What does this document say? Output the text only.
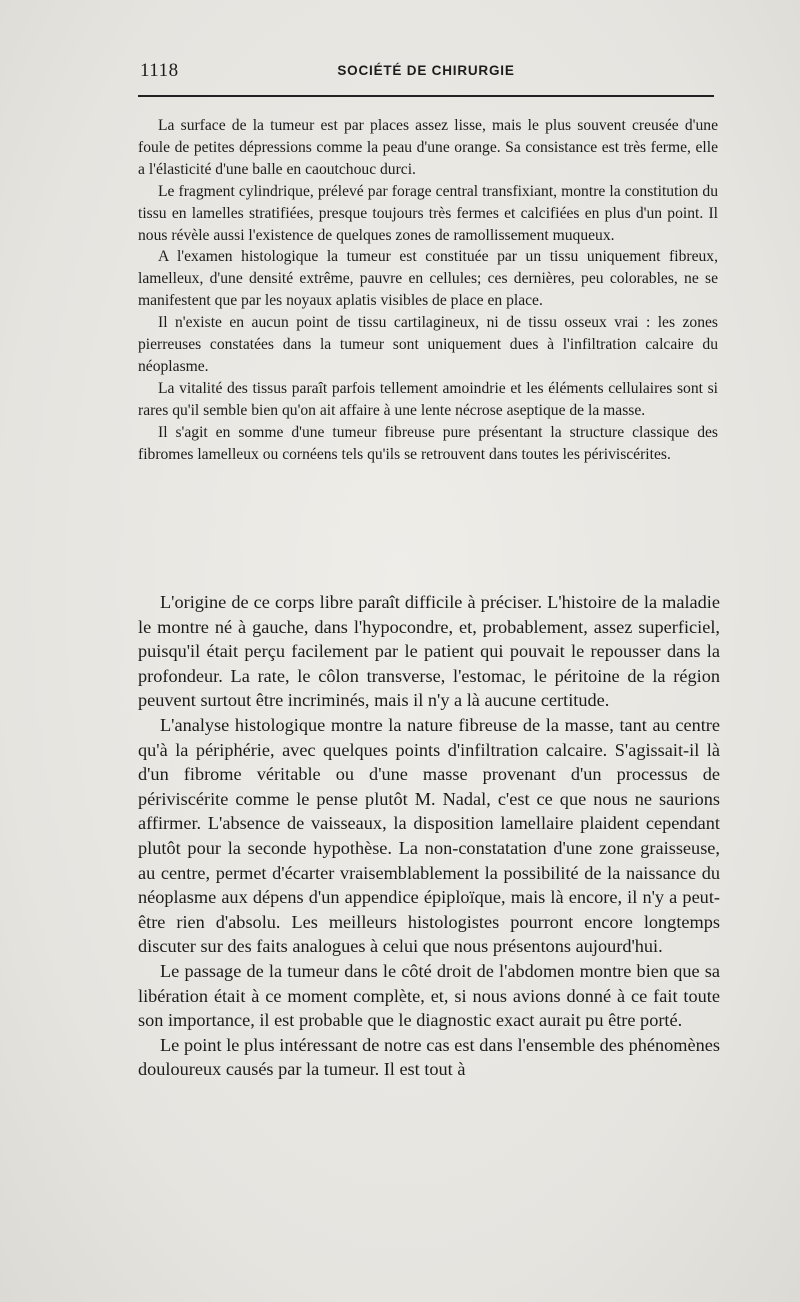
1118	SOCIÉTÉ DE CHIRURGIE

La surface de la tumeur est par places assez lisse, mais le plus souvent creusée d'une foule de petites dépressions comme la peau d'une orange. Sa consistance est très ferme, elle a l'élasticité d'une balle en caoutchouc durci.

Le fragment cylindrique, prélevé par forage central transfixiant, montre la constitution du tissu en lamelles stratifiées, presque toujours très fermes et calcifiées en plus d'un point. Il nous révèle aussi l'existence de quelques zones de ramollissement muqueux.

A l'examen histologique la tumeur est constituée par un tissu uniquement fibreux, lamelleux, d'une densité extrême, pauvre en cellules; ces dernières, peu colorables, ne se manifestent que par les noyaux aplatis visibles de place en place.

Il n'existe en aucun point de tissu cartilagineux, ni de tissu osseux vrai : les zones pierreuses constatées dans la tumeur sont uniquement dues à l'infiltration calcaire du néoplasme.

La vitalité des tissus paraît parfois tellement amoindrie et les éléments cellulaires sont si rares qu'il semble bien qu'on ait affaire à une lente nécrose aseptique de la masse.

Il s'agit en somme d'une tumeur fibreuse pure présentant la structure classique des fibromes lamelleux ou cornéens tels qu'ils se retrouvent dans toutes les périviscérites.

L'origine de ce corps libre paraît difficile à préciser. L'histoire de la maladie le montre né à gauche, dans l'hypocondre, et, probablement, assez superficiel, puisqu'il était perçu facilement par le patient qui pouvait le repousser dans la profondeur. La rate, le côlon transverse, l'estomac, le péritoine de la région peuvent surtout être incriminés, mais il n'y a là aucune certitude.

L'analyse histologique montre la nature fibreuse de la masse, tant au centre qu'à la périphérie, avec quelques points d'infiltration calcaire. S'agissait-il là d'un fibrome véritable ou d'une masse provenant d'un processus de périviscérite comme le pense plutôt M. Nadal, c'est ce que nous ne saurions affirmer. L'absence de vaisseaux, la disposition lamellaire plaident cependant plutôt pour la seconde hypothèse. La non-constatation d'une zone graisseuse, au centre, permet d'écarter vraisemblablement la possibilité de la naissance du néoplasme aux dépens d'un appendice épiploïque, mais là encore, il n'y a peut-être rien d'absolu. Les meilleurs histologistes pourront encore longtemps discuter sur des faits analogues à celui que nous présentons aujourd'hui.

Le passage de la tumeur dans le côté droit de l'abdomen montre bien que sa libération était à ce moment complète, et, si nous avions donné à ce fait toute son importance, il est probable que le diagnostic exact aurait pu être porté.

Le point le plus intéressant de notre cas est dans l'ensemble des phénomènes douloureux causés par la tumeur. Il est tout à
